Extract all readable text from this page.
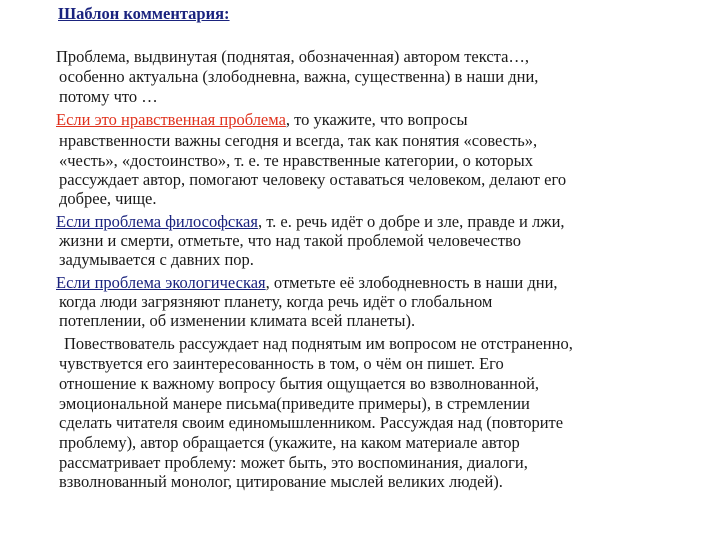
Шаблон комментария:
Проблема, выдвинутая (поднятая, обозначенная) автором текста…,
особенно актуальна (злободневна, важна, существенна) в наши дни,
потому что …
Если это нравственная проблема, то укажите, что вопросы
нравственности важны сегодня и всегда, так как понятия «совесть»,
«честь», «достоинство», т. е. те нравственные категории, о которых
рассуждает автор, помогают человеку оставаться человеком, делают его
добрее, чище.
Если проблема философская, т. е. речь идёт о добре и зле, правде и лжи,
жизни и смерти, отметьте, что над такой проблемой человечество
задумывается с давних пор.
Если проблема экологическая, отметьте её злободневность в наши дни,
когда люди загрязняют планету, когда речь идёт о глобальном
потеплении, об изменении климата всей планеты).
Повествователь рассуждает над поднятым им вопросом не отстраненно,
чувствуется его заинтересованность в том, о чём он пишет. Его
отношение к важному вопросу бытия ощущается во взволнованной,
эмоциональной манере письма(приведите примеры), в стремлении
сделать читателя своим единомышленником. Рассуждая над (повторите
проблему), автор обращается (укажите, на каком материале автор
рассматривает проблему: может быть, это воспоминания, диалоги,
взволнованный монолог, цитирование мыслей великих людей).
